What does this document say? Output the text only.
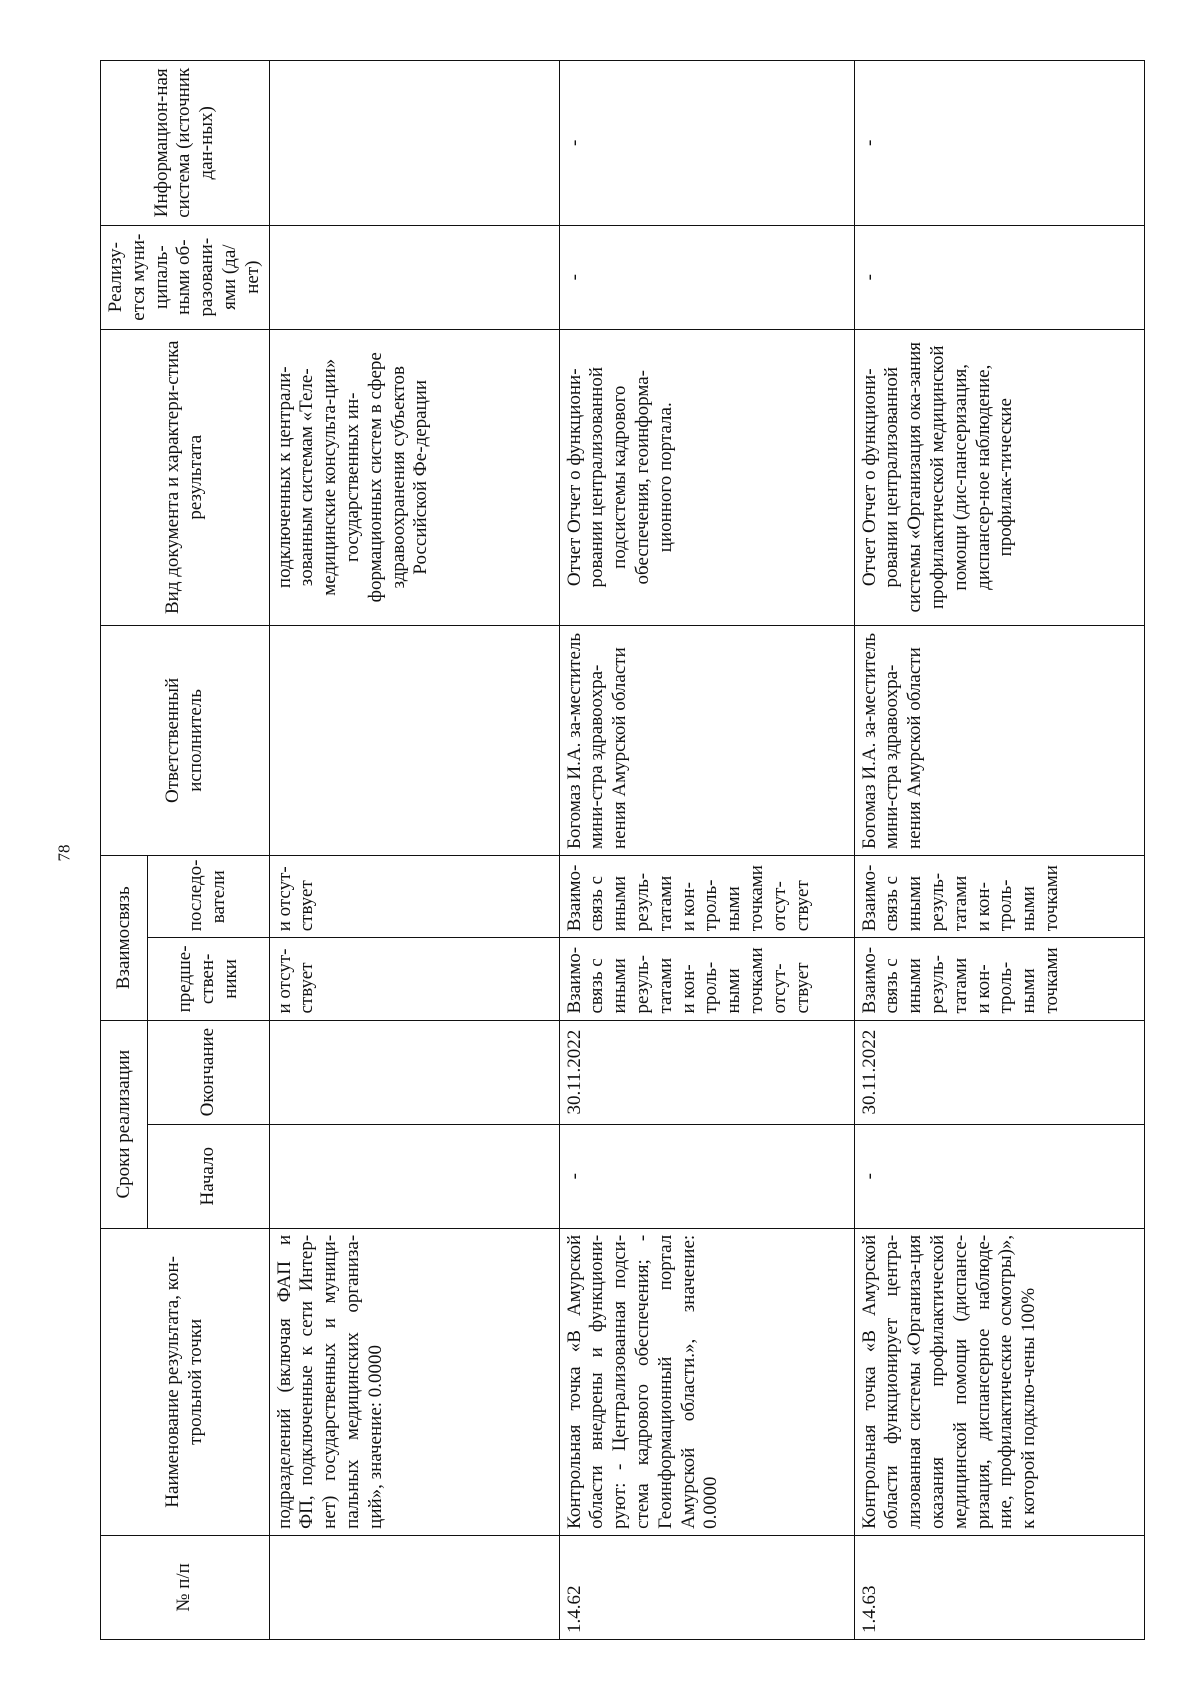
78
№ п/п	Наименование результата, кон-трольной точки	Сроки реализации		Взаимосвязь		Ответственный исполнитель	Вид документа и характери-стика результата	Реализу-ется муни-ципаль-ными об-разовани-ями (да/нет)	Информацион-ная система (источник дан-ных)
		Начало	Окончание	предше-ствен-ники	последо-ватели				
	подразделений (включая ФАП и ФП, подключенные к сети Интер-нет) государственных и муници-пальных медицинских организа-ций», значение: 0.0000			и отсут-ствует	и отсут-ствует		подключенных к централи-зованным системам «Теле-медицинские консульта-ции» государственных ин-формационных систем в сфере здравоохранения субъектов Российской Фе-дерации		
1.4.62	Контрольная точка «В Амурской области внедрены и функциони-руют: - Централизованная подси-стема кадрового обеспечения; - Геоинформационный портал Амурской области.», значение: 0.0000	-	30.11.2022	Взаимо-связь с иными резуль-татами и кон-троль-ными точками отсут-ствует	Взаимо-связь с иными резуль-татами и кон-троль-ными точками отсут-ствует	Богомаз И.А. за-меститель мини-стра здравоохра-нения Амурской области	Отчет Отчет о функциони-ровании централизованной подсистемы кадрового обеспечения, геоинформа-ционного портала.	-	-
1.4.63	Контрольная точка «В Амурской области функционирует центра-лизованная системы «Организа-ция оказания профилактической медицинской помощи (диспансе-ризация, диспансерное наблюде-ние, профилактические осмотры)», к которой подклю-чены 100%	-	30.11.2022	Взаимо-связь с иными резуль-татами и кон-троль-ными точками	Взаимо-связь с иными резуль-татами и кон-троль-ными точками	Богомаз И.А. за-меститель мини-стра здравоохра-нения Амурской области	Отчет Отчет о функциони-ровании централизованной системы «Организация ока-зания профилактической медицинской помощи (дис-пансеризация, диспансер-ное наблюдение, профилак-тические	-	-
